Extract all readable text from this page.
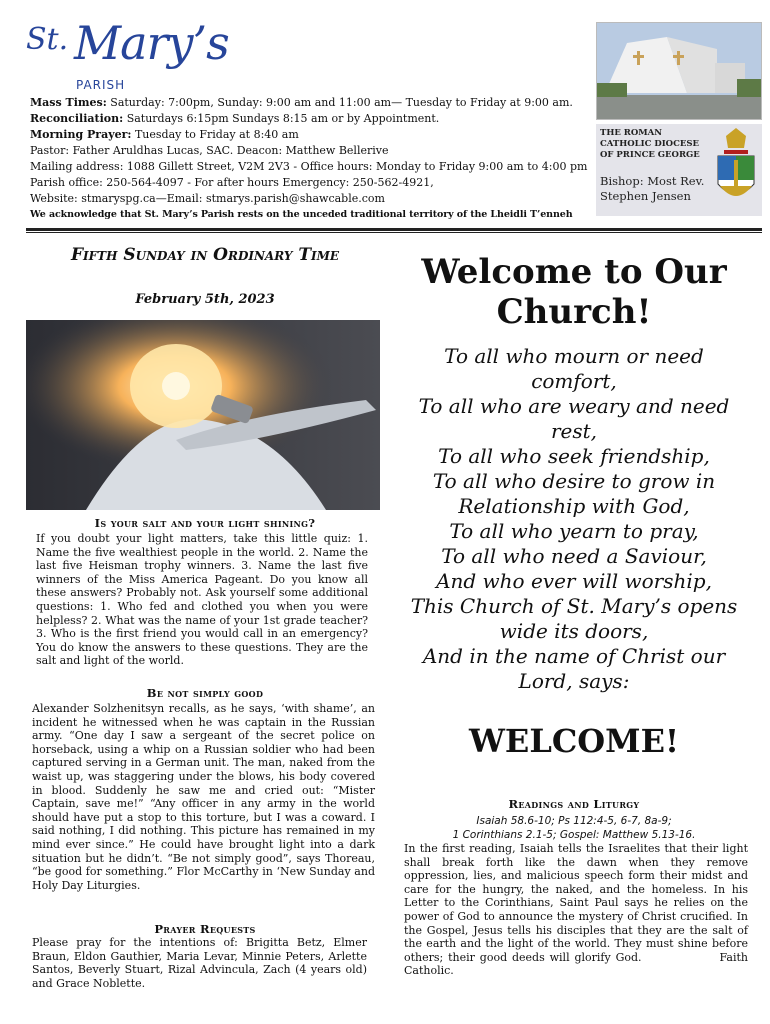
St. Mary’s
PARISH

Mass Times: Saturday: 7:00pm, Sunday: 9:00 am and 11:00 am— Tuesday to Friday at 9:00 am.

Reconciliation: Saturdays 6:15pm Sundays 8:15 am or by Appointment.

Morning Prayer: Tuesday to Friday at 8:40 am

Pastor: Father Aruldhas Lucas, SAC. Deacon: Matthew Bellerive

Mailing address: 1088 Gillett Street, V2M 2V3 - Office hours: Monday to Friday 9:00 am to 4:00 pm

Parish office: 250-564-4097 - For after hours Emergency: 250-562-4921,

Website: stmaryspg.ca—Email: stmarys.parish@shawcable.com

We acknowledge that St. Mary’s Parish rests on the unceded traditional territory of the Lheidli T’enneh

THE ROMAN CATHOLIC DIOCESE OF PRINCE GEORGE
Bishop: Most Rev. Stephen Jensen
Fifth Sunday in Ordinary Time
February 5th, 2023
Is your salt and your light shining?
If you doubt your light matters, take this little quiz: 1. Name the five wealthiest people in the world. 2. Name the last five Heisman trophy winners. 3. Name the last five winners of the Miss America Pageant. Do you know all these answers? Probably not. Ask yourself some additional questions: 1. Who fed and clothed you when you were helpless? 2. What was the name of your 1st grade teacher? 3. Who is the first friend you would call in an emergency? You do know the answers to these questions. They are the salt and light of the world.
Be not simply good
Alexander Solzhenitsyn recalls, as he says, ‘with shame’, an incident he witnessed when he was captain in the Russian army. “One day I saw a sergeant of the secret police on horseback, using a whip on a Russian soldier who had been captured serving in a German unit. The man, naked from the waist up, was staggering under the blows, his body covered in blood. Suddenly he saw me and cried out: “Mister Captain, save me!” “Any officer in any army in the world should have put a stop to this torture, but I was a coward. I said nothing, I did nothing. This picture has remained in my mind ever since.” He could have brought light into a dark situation but he didn’t. “Be not simply good”, says Thoreau, “be good for something.” Flor McCarthy in ‘New Sunday and Holy Day Liturgies.
Prayer Requests
Please pray for the intentions of: Brigitta Betz, Elmer Braun, Eldon Gauthier, Maria Levar, Minnie Peters, Arlette Santos, Beverly Stuart, Rizal Advincula, Zach (4 years old) and Grace Noblette.
Welcome to Our Church!
To all who mourn or need comfort,
To all who are weary and need rest,
To all who seek friendship,
To all who desire to grow in Relationship with God,
To all who yearn to pray,
To all who need a Saviour,
And who ever will worship,
This Church of St. Mary’s opens wide its doors,
And in the name of Christ our Lord, says:
WELCOME!
Readings and Liturgy
Isaiah 58.6-10; Ps 112:4-5, 6-7, 8a-9;
1 Corinthians 2.1-5; Gospel: Matthew 5.13-16.
In the first reading, Isaiah tells the Israelites that their light shall break forth like the dawn when they remove oppression, lies, and malicious speech form their midst and care for the hungry, the naked, and the homeless. In his Letter to the Corinthians, Saint Paul says he relies on the power of God to announce the mystery of Christ crucified. In the Gospel, Jesus tells his disciples that they are the salt of the earth and the light of the world. They must shine before others; their good deeds will glorify God.	Faith Catholic.
